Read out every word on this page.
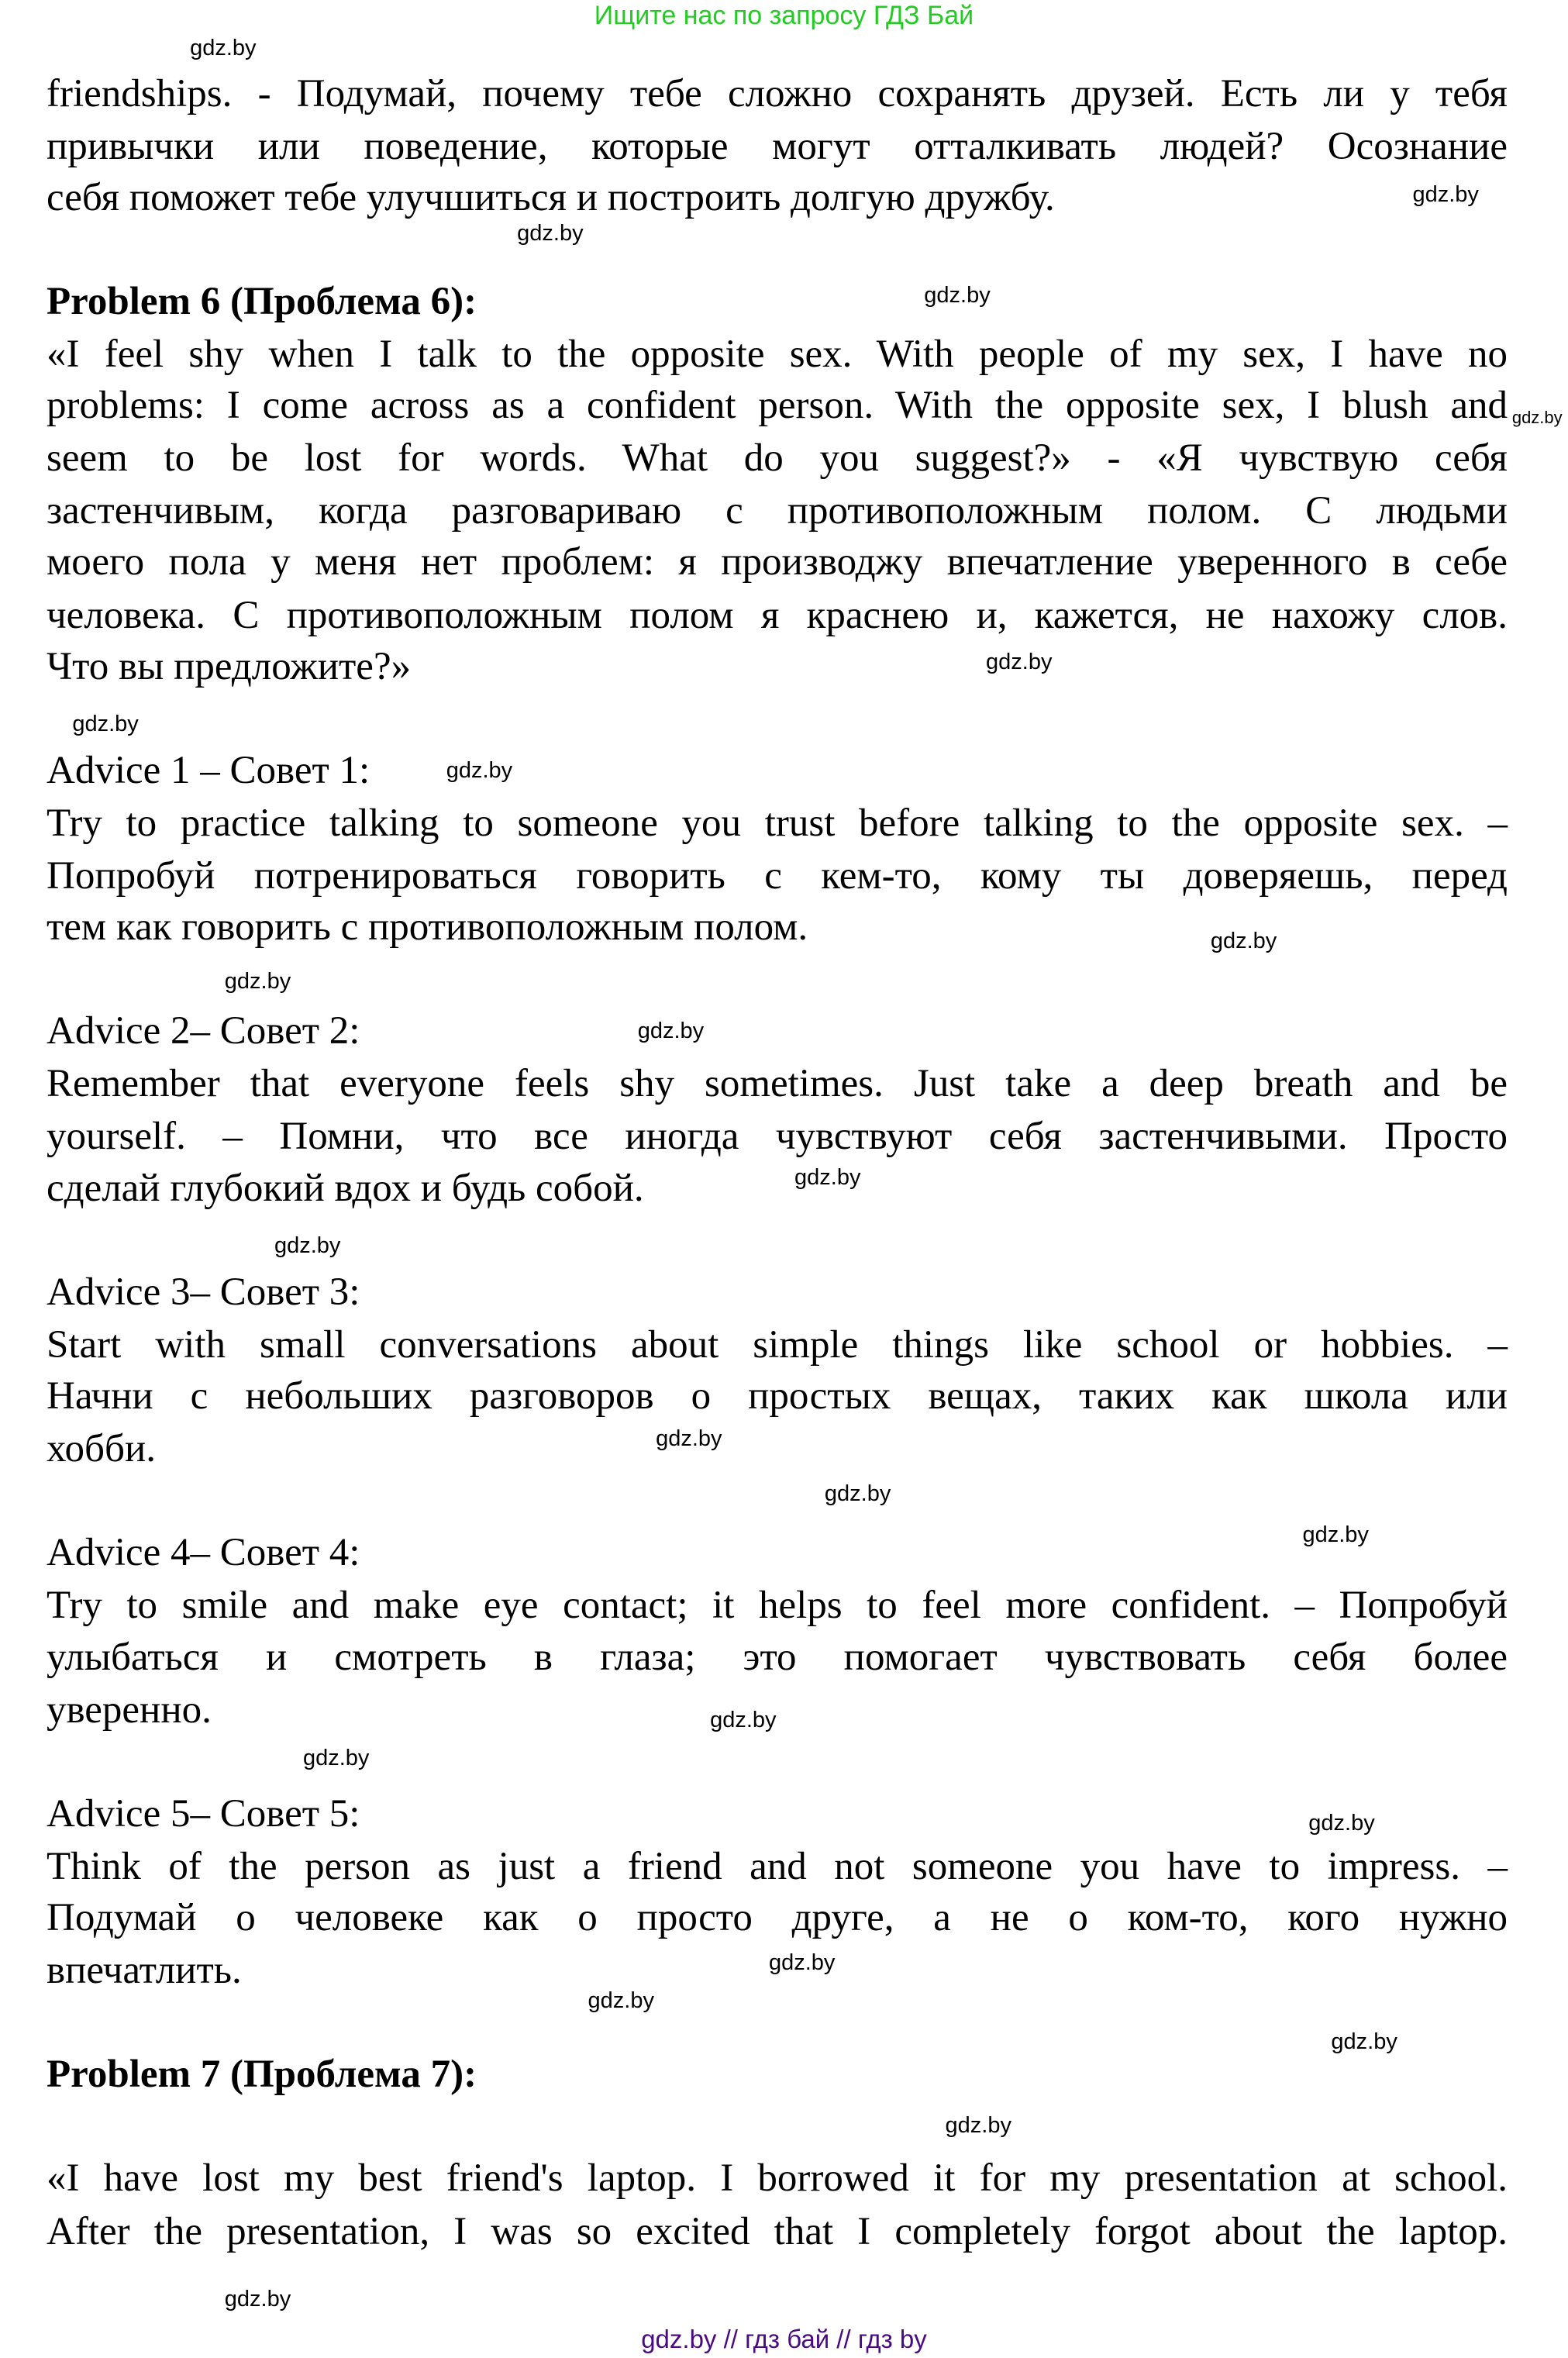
Ищите нас по запросу ГДЗ Бай
friendships. - Подумай, почему тебе сложно сохранять друзей. Есть ли у тебя
привычки или поведение, которые могут отталкивать людей? Осознание
себя поможет тебе улучшиться и построить долгую дружбу.
Problem 6 (Проблема 6):
«I feel shy when I talk to the opposite sex. With people of my sex, I have no
problems: I come across as a confident person. With the opposite sex, I blush and
seem to be lost for words. What do you suggest?» - «Я чувствую себя
застенчивым, когда разговариваю с противоположным полом. С людьми
моего пола у меня нет проблем: я производжу впечатление уверенного в себе
человека. С противоположным полом я краснею и, кажется, не нахожу слов.
Что вы предложите?»
Advice 1 – Совет 1:
Try to practice talking to someone you trust before talking to the opposite sex. –
Попробуй потренироваться говорить с кем-то, кому ты доверяешь, перед
тем как говорить с противоположным полом.
Advice 2– Совет 2:
Remember that everyone feels shy sometimes. Just take a deep breath and be
yourself. – Помни, что все иногда чувствуют себя застенчивыми. Просто
сделай глубокий вдох и будь собой.
Advice 3– Совет 3:
Start with small conversations about simple things like school or hobbies. –
Начни с небольших разговоров о простых вещах, таких как школа или
хобби.
Advice 4– Совет 4:
Try to smile and make eye contact; it helps to feel more confident. – Попробуй
улыбаться и смотреть в глаза; это помогает чувствовать себя более
уверенно.
Advice 5– Совет 5:
Think of the person as just a friend and not someone you have to impress. –
Подумай о человеке как о просто друге, а не о ком-то, кого нужно
впечатлить.
Problem 7 (Проблема 7):
«I have lost my best friend's laptop. I borrowed it for my presentation at school.
After the presentation, I was so excited that I completely forgot about the laptop.
gdz.by
gdz.by
gdz.by
gdz.by
gdz.by
gdz.by
gdz.by
gdz.by
gdz.by
gdz.by
gdz.by
gdz.by
gdz.by
gdz.by
gdz.by
gdz.by
gdz.by
gdz.by
gdz.by
gdz.by
gdz.by
gdz.by
gdz.by
gdz.by
gdz.by // гдз бай // гдз by
